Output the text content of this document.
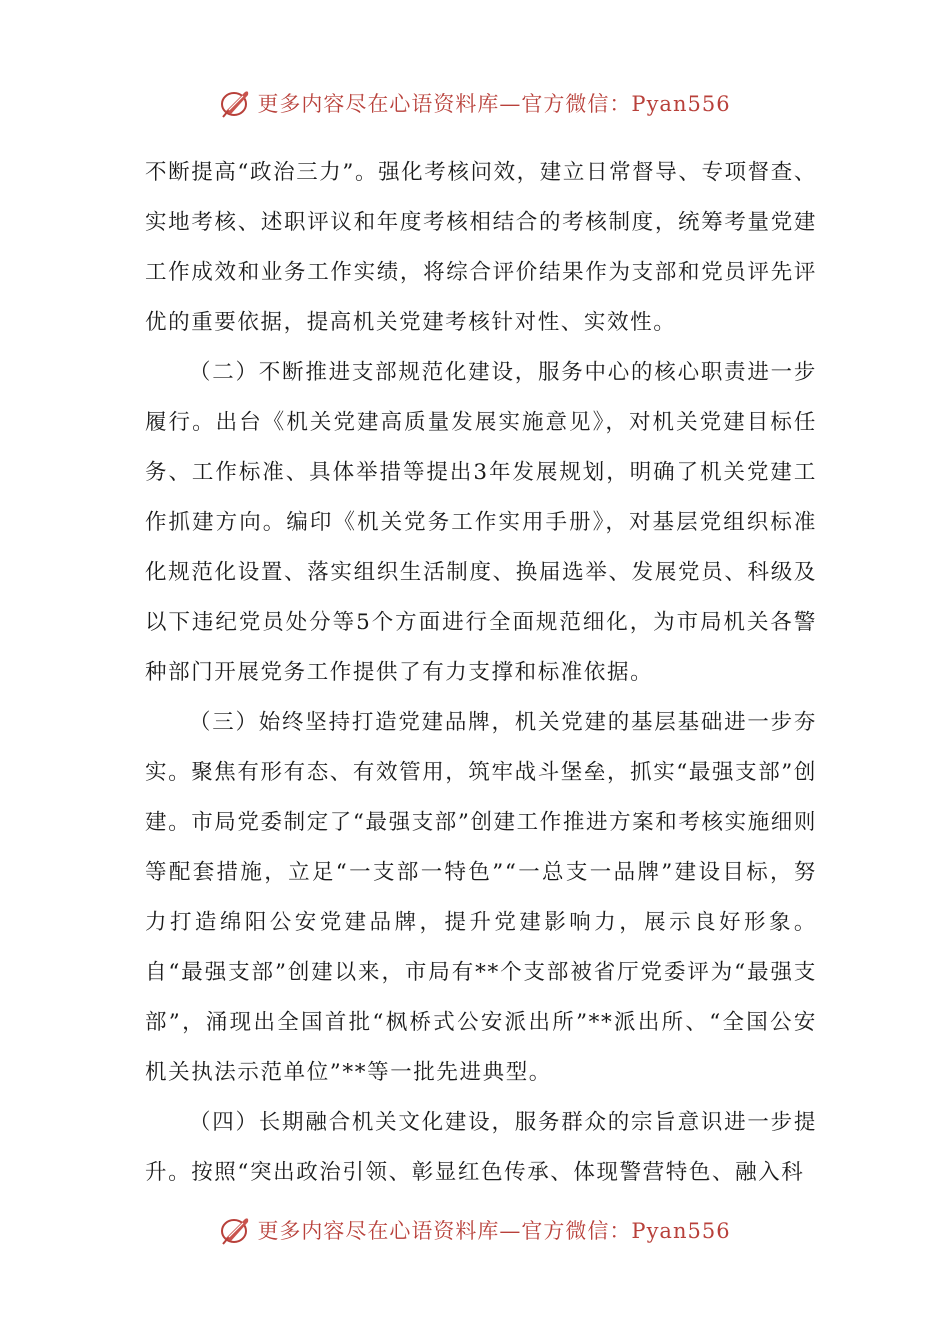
更多内容尽在心语资料库—官方微信：Pyan556

不断提高“政治三力”。强化考核问效，建立日常督导、专项督查、实地考核、述职评议和年度考核相结合的考核制度，统筹考量党建工作成效和业务工作实绩，将综合评价结果作为支部和党员评先评优的重要依据，提高机关党建考核针对性、实效性。

（二）不断推进支部规范化建设，服务中心的核心职责进一步履行。出台《机关党建高质量发展实施意见》，对机关党建目标任务、工作标准、具体举措等提出3年发展规划，明确了机关党建工作抓建方向。编印《机关党务工作实用手册》，对基层党组织标准化规范化设置、落实组织生活制度、换届选举、发展党员、科级及以下违纪党员处分等5个方面进行全面规范细化，为市局机关各警种部门开展党务工作提供了有力支撑和标准依据。

（三）始终坚持打造党建品牌，机关党建的基层基础进一步夯实。聚焦有形有态、有效管用，筑牢战斗堡垒，抓实“最强支部”创建。市局党委制定了“最强支部”创建工作推进方案和考核实施细则等配套措施，立足“一支部一特色”“一总支一品牌”建设目标，努力打造绵阳公安党建品牌，提升党建影响力，展示良好形象。自“最强支部”创建以来，市局有**个支部被省厅党委评为“最强支部”，涌现出全国首批“枫桥式公安派出所”**派出所、“全国公安机关执法示范单位”**等一批先进典型。

（四）长期融合机关文化建设，服务群众的宗旨意识进一步提升。按照“突出政治引领、彰显红色传承、体现警营特色、融入科

更多内容尽在心语资料库—官方微信：Pyan556
